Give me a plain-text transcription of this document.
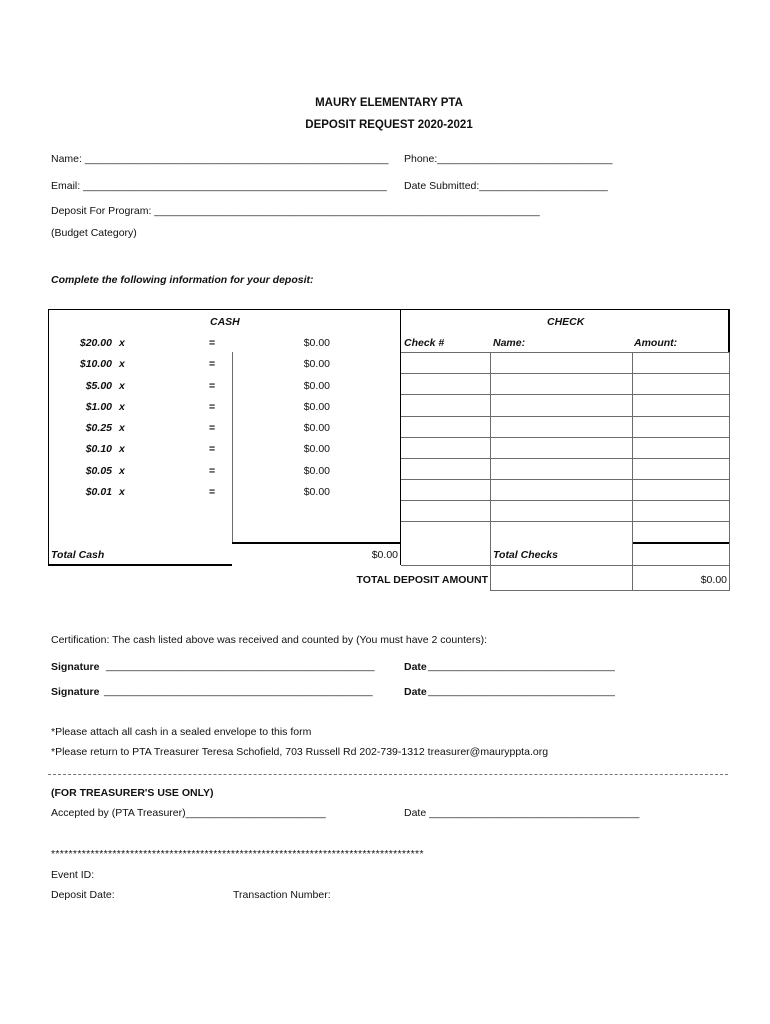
MAURY ELEMENTARY PTA
DEPOSIT REQUEST 2020-2021
Name: ____________________________________________________ Phone:______________________________
Email: ____________________________________________________ Date Submitted:______________________
Deposit For Program: __________________________________________________________________
(Budget Category)
Complete the following information for your deposit:
CASH	CHECK
Check #	Name:	Amount:
$20.00 x	=	$0.00
$10.00 x	=	$0.00
$5.00 x	=	$0.00
$1.00 x	=	$0.00
$0.25 x	=	$0.00
$0.10 x	=	$0.00
$0.05 x	=	$0.00
$0.01 x	=	$0.00
Total Cash	$0.00	Total Checks
TOTAL DEPOSIT AMOUNT	$0.00
Certification: The cash listed above was received and counted by (You must have 2 counters):
Signature ______________________________________________	Date ________________________________
Signature ______________________________________________	Date ________________________________
*Please attach all cash in a sealed envelope to this form
*Please return to PTA Treasurer Teresa Schofield, 703 Russell Rd 202-739-1312 treasurer@mauryppta.org
(FOR TREASURER'S USE ONLY)
Accepted by (PTA Treasurer)________________________	Date ____________________________________
*************************************************************************************
Event ID:
Deposit Date:	Transaction Number:
